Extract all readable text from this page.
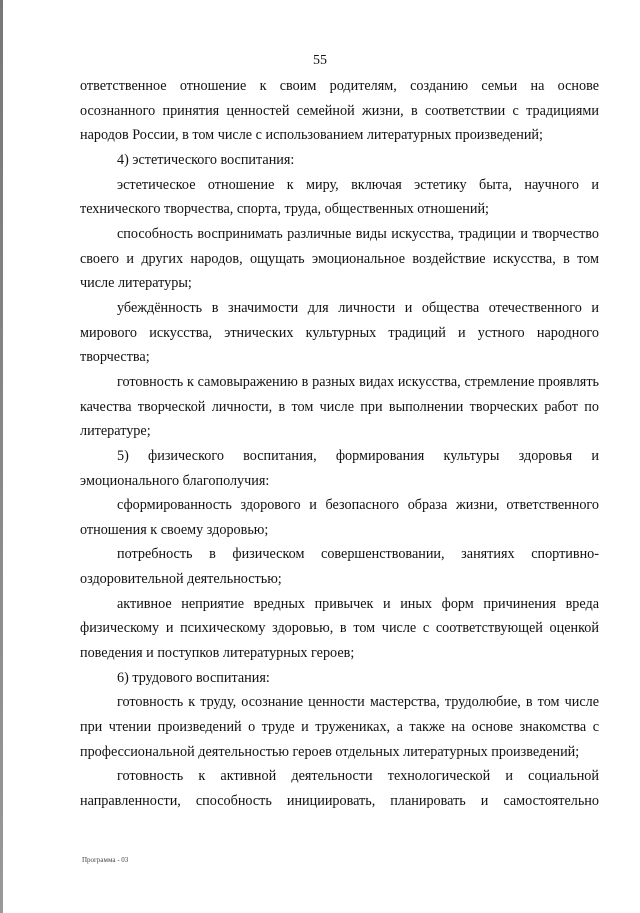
55

ответственное отношение к своим родителям, созданию семьи на основе осознанного принятия ценностей семейной жизни, в соответствии с традициями народов России, в том числе с использованием литературных произведений;

4) эстетического воспитания:

эстетическое отношение к миру, включая эстетику быта, научного и технического творчества, спорта, труда, общественных отношений;

способность воспринимать различные виды искусства, традиции и творчество своего и других народов, ощущать эмоциональное воздействие искусства, в том числе литературы;

убеждённость в значимости для личности и общества отечественного и мирового искусства, этнических культурных традиций и устного народного творчества;

готовность к самовыражению в разных видах искусства, стремление проявлять качества творческой личности, в том числе при выполнении творческих работ по литературе;

5) физического воспитания, формирования культуры здоровья и эмоционального благополучия:

сформированность здорового и безопасного образа жизни, ответственного отношения к своему здоровью;

потребность в физическом совершенствовании, занятиях спортивно-оздоровительной деятельностью;

активное неприятие вредных привычек и иных форм причинения вреда физическому и психическому здоровью, в том числе с соответствующей оценкой поведения и поступков литературных героев;

6) трудового воспитания:

готовность к труду, осознание ценности мастерства, трудолюбие, в том числе при чтении произведений о труде и тружениках, а также на основе знакомства с профессиональной деятельностью героев отдельных литературных произведений;

готовность к активной деятельности технологической и социальной направленности, способность инициировать, планировать и самостоятельно

Программа - 03
